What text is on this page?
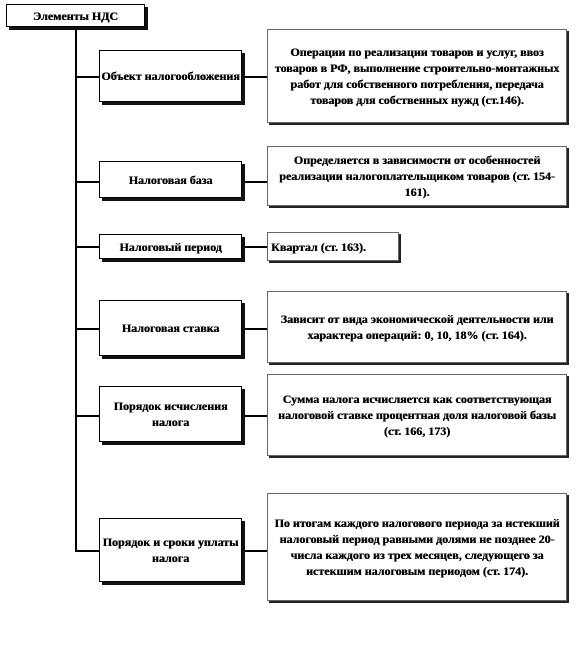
Элементы НДС
Объект налогообложения
Операции по реализации товаров и услуг, ввоз товаров в РФ, выполнение строительно-монтажных работ для собственного потребления, передача товаров для собственных нужд (ст.146).
Налоговая база
Определяется в зависимости от особенностей реализации налогоплательщиком товаров (ст. 154-161).
Налоговый период	Квартал (ст. 163).
Налоговая ставка
Зависит от вида экономической деятельности или характера операций: 0, 10, 18% (ст. 164).
Порядок исчисления налога
Сумма налога исчисляется как соответствующая налоговой ставке процентная доля налоговой базы (ст. 166, 173)
Порядок и сроки уплаты налога
По итогам каждого налогового периода за истекший налоговый период равными долями не позднее 20-числа каждого из трех месяцев, следующего за истекшим налоговым периодом (ст. 174).
